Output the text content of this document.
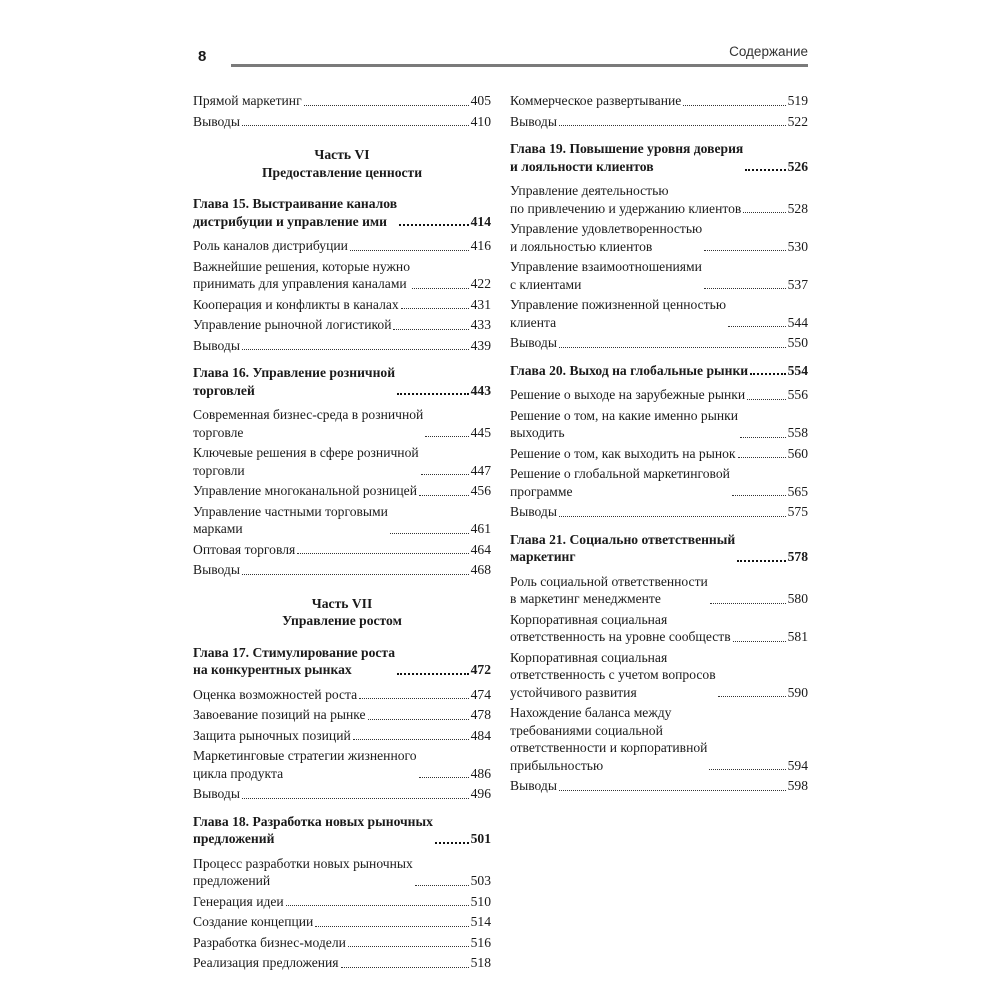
8	Содержание
Прямой маркетинг	405
Выводы	410
Часть VI
Предоставление ценности
Глава 15. Выстраивание каналов
дистрибуции и управление ими	414
Роль каналов дистрибуции	416
Важнейшие решения, которые нужно
принимать для управления каналами	422
Кооперация и конфликты в каналах	431
Управление рыночной логистикой	433
Выводы	439
Глава 16. Управление розничной
торговлей	443
Современная бизнес-среда в розничной
торговле	445
Ключевые решения в сфере розничной
торговли	447
Управление многоканальной розницей	456
Управление частными торговыми
марками	461
Оптовая торговля	464
Выводы	468
Часть VII
Управление ростом
Глава 17. Стимулирование роста
на конкурентных рынках	472
Оценка возможностей роста	474
Завоевание позиций на рынке	478
Защита рыночных позиций	484
Маркетинговые стратегии жизненного
цикла продукта	486
Выводы	496
Глава 18. Разработка новых рыночных
предложений	501
Процесс разработки новых рыночных
предложений	503
Генерация идеи	510
Создание концепции	514
Разработка бизнес-модели	516
Реализация предложения	518
Коммерческое развертывание	519
Выводы	522
Глава 19. Повышение уровня доверия
и лояльности клиентов	526
Управление деятельностью
по привлечению и удержанию клиентов	528
Управление удовлетворенностью
и лояльностью клиентов	530
Управление взаимоотношениями
с клиентами	537
Управление пожизненной ценностью
клиента	544
Выводы	550
Глава 20. Выход на глобальные рынки	554
Решение о выходе на зарубежные рынки	556
Решение о том, на какие именно рынки
выходить	558
Решение о том, как выходить на рынок	560
Решение о глобальной маркетинговой
программе	565
Выводы	575
Глава 21. Социально ответственный
маркетинг	578
Роль социальной ответственности
в маркетинг менеджменте	580
Корпоративная социальная
ответственность на уровне сообществ	581
Корпоративная социальная
ответственность с учетом вопросов
устойчивого развития	590
Нахождение баланса между
требованиями социальной
ответственности и корпоративной
прибыльностью	594
Выводы	598
